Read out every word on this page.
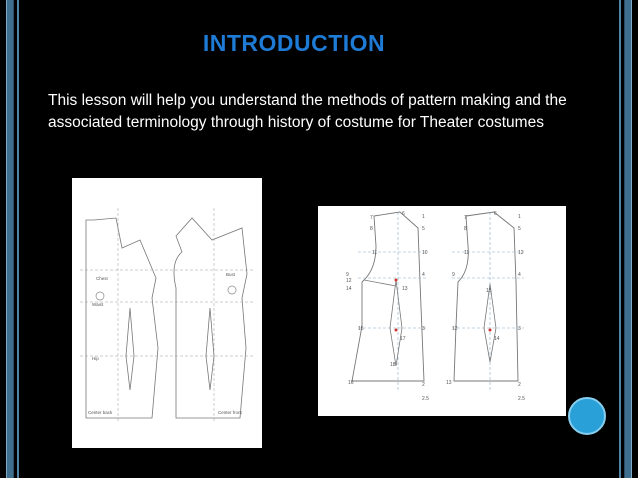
INTRODUCTION
This lesson will help you understand the methods of pattern making and the associated terminology through history of costume for Theater costumes
Chest
Bust
Waist
Hip
Center back	Center front
6
7
8	5
1
11	10
9	4
12
14	13
15	3
17
16	2
18
2.5
6
7
8	5
1
11	12
9	4
15
12
14
13
3
2
2.5
